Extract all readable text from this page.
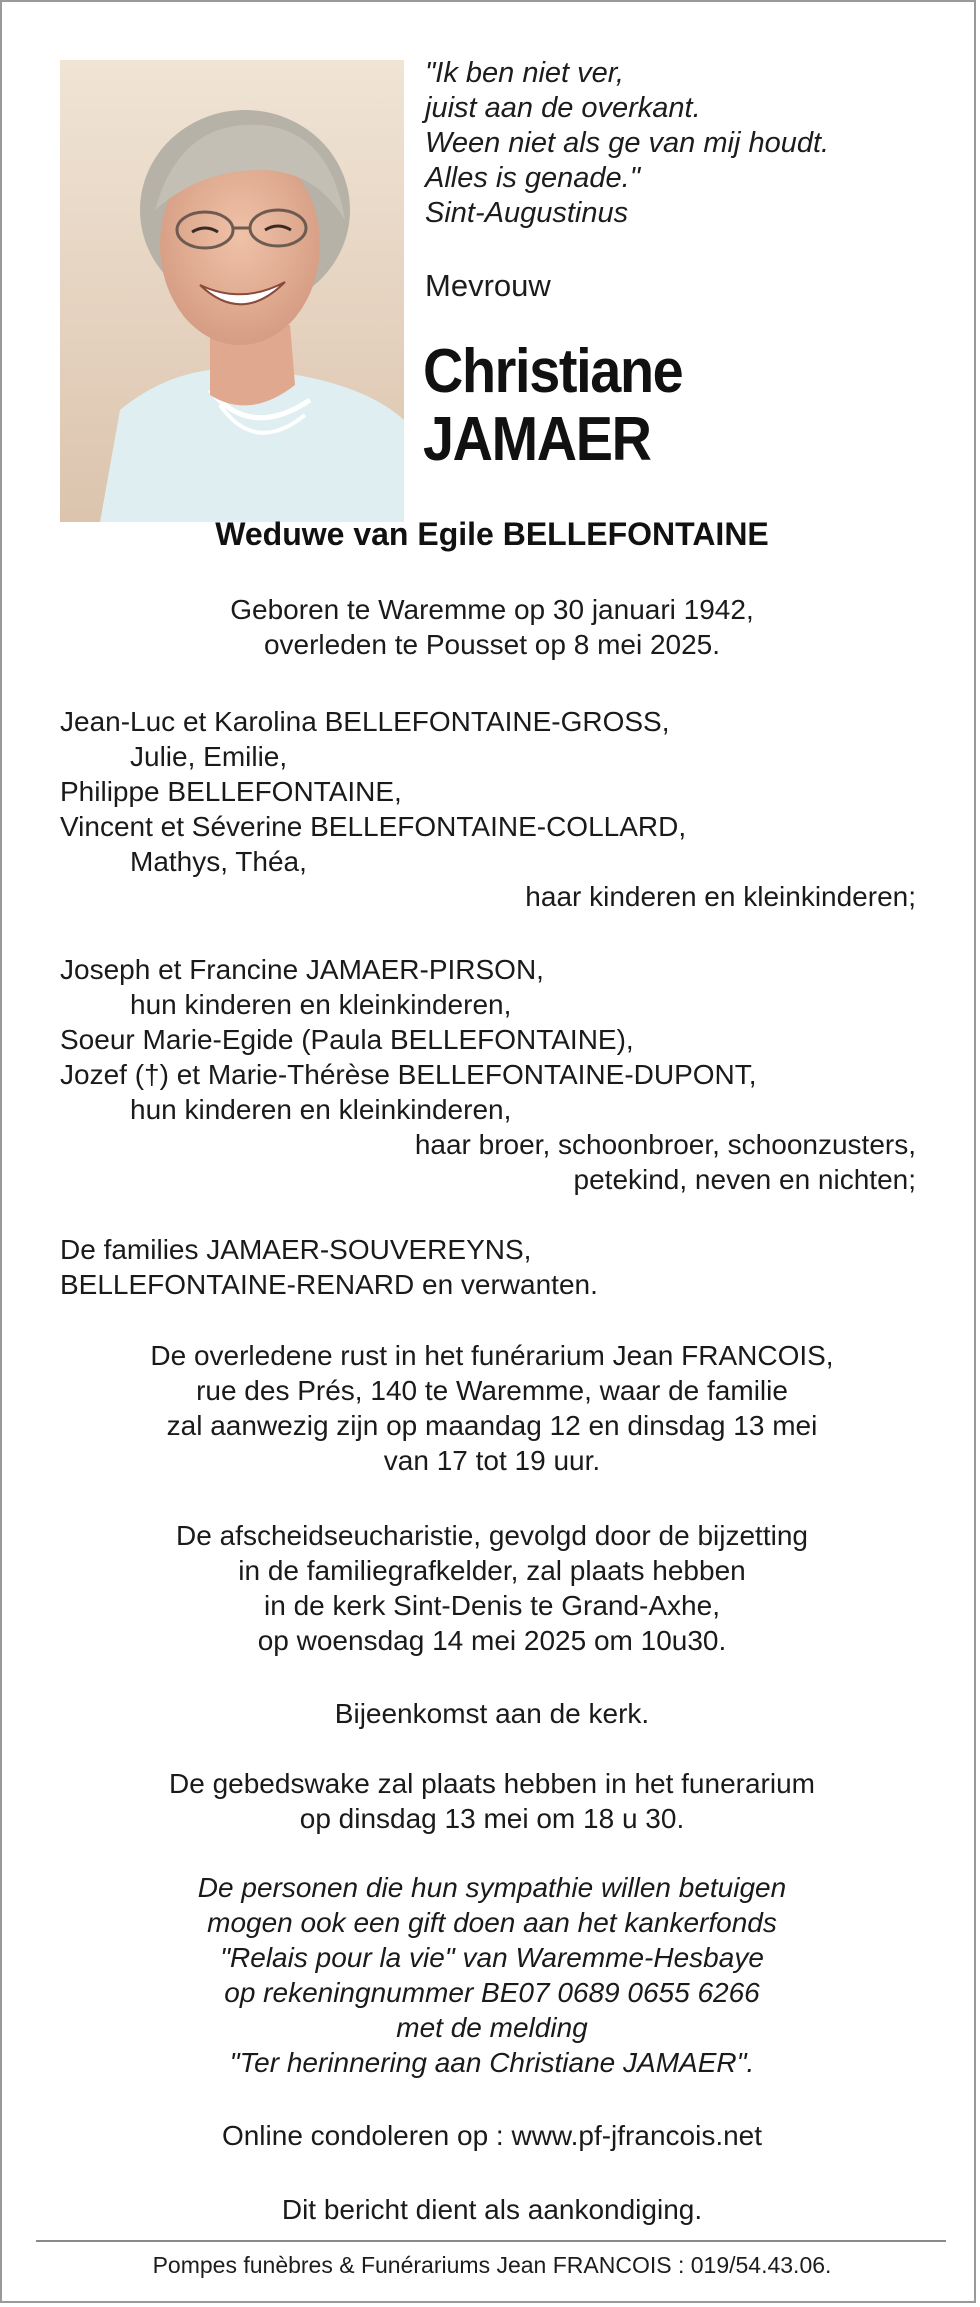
"Ik ben niet ver,
juist aan de overkant.
Ween niet als ge van mij houdt.
Alles is genade."
Sint-Augustinus
Mevrouw
Christiane
JAMAER
Weduwe van Egile BELLEFONTAINE
Geboren te Waremme op 30 januari 1942,
overleden te Pousset op 8 mei 2025.
Jean-Luc et Karolina BELLEFONTAINE-GROSS,
Julie, Emilie,
Philippe BELLEFONTAINE,
Vincent et Séverine BELLEFONTAINE-COLLARD,
Mathys, Théa,
haar kinderen en kleinkinderen;
Joseph et Francine JAMAER-PIRSON,
hun kinderen en kleinkinderen,
Soeur Marie-Egide (Paula BELLEFONTAINE),
Jozef (†) et Marie-Thérèse BELLEFONTAINE-DUPONT,
hun kinderen en kleinkinderen,
haar broer, schoonbroer, schoonzusters,
petekind, neven en nichten;
De families JAMAER-SOUVEREYNS,
BELLEFONTAINE-RENARD en verwanten.
De overledene rust in het funérarium Jean FRANCOIS,
rue des Prés, 140 te Waremme, waar de familie
zal aanwezig zijn op maandag 12 en dinsdag 13 mei
van 17 tot 19 uur.
De afscheidseucharistie, gevolgd door de bijzetting
in de familiegrafkelder, zal plaats hebben
in de kerk Sint-Denis te Grand-Axhe,
op woensdag 14 mei 2025 om 10u30.
Bijeenkomst aan de kerk.
De gebedswake zal plaats hebben in het funerarium
op dinsdag 13 mei om 18 u 30.
De personen die hun sympathie willen betuigen
mogen ook een gift doen aan het kankerfonds
"Relais pour la vie" van Waremme-Hesbaye
op rekeningnummer BE07 0689 0655 6266
met de melding
"Ter herinnering aan Christiane JAMAER".
Online condoleren op : www.pf-jfrancois.net
Dit bericht dient als aankondiging.
Pompes funèbres & Funérariums Jean FRANCOIS : 019/54.43.06.
